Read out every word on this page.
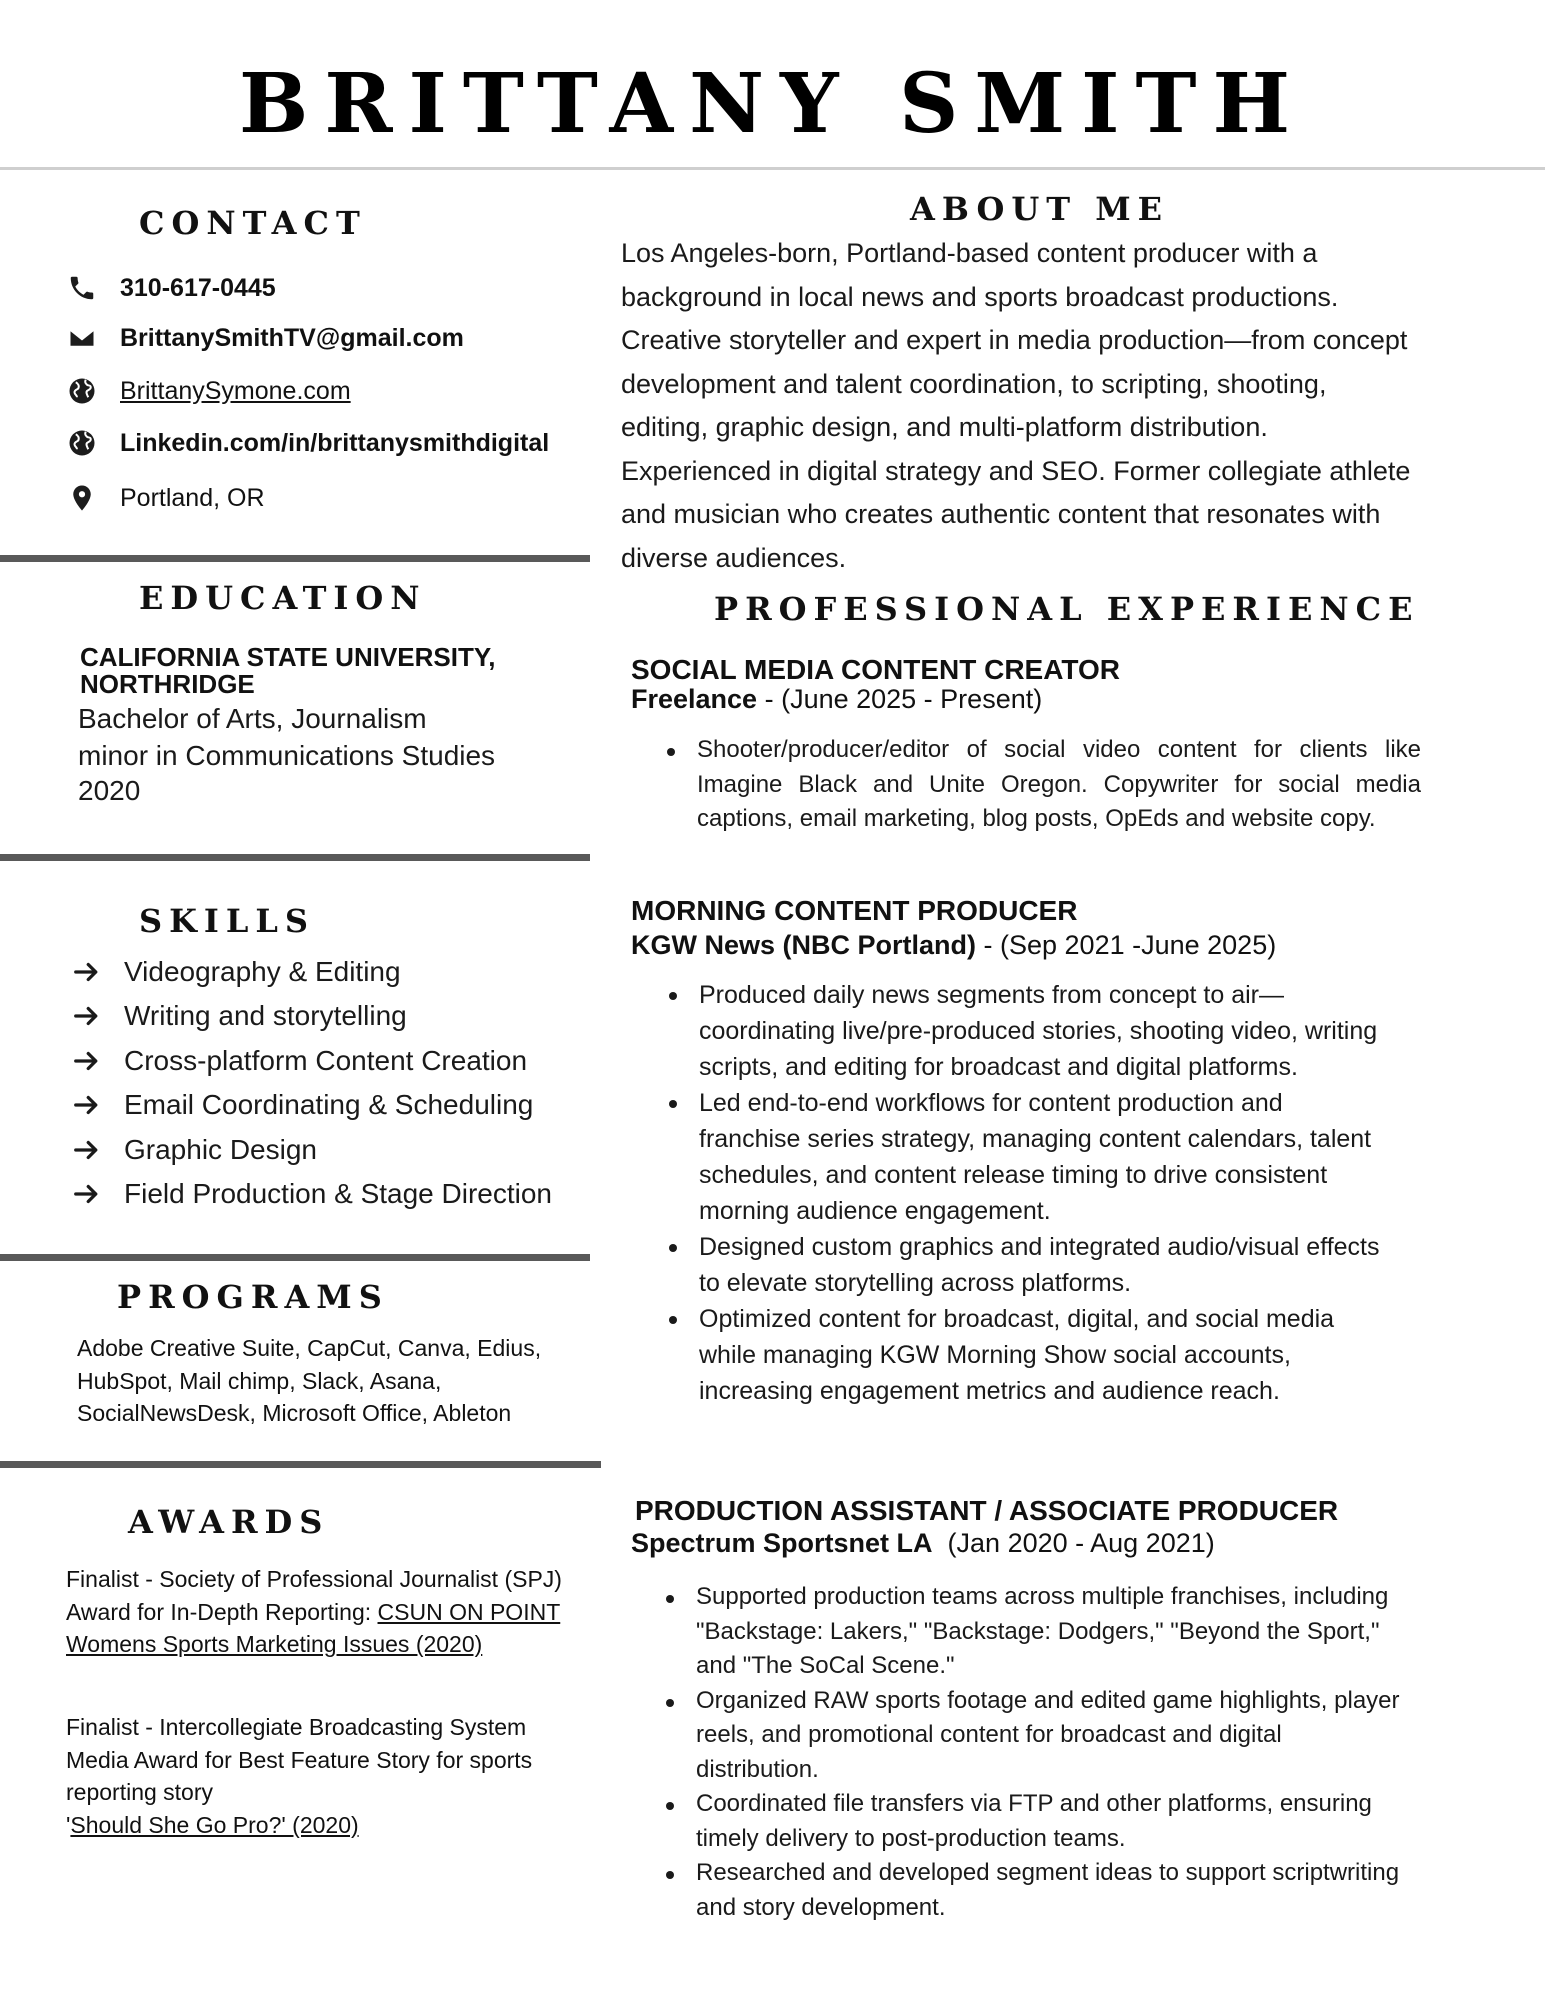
BRITTANY SMITH
CONTACT
310-617-0445
BrittanySmithTV@gmail.com
BrittanySymone.com
Linkedin.com/in/brittanysmithdigital
Portland, OR
EDUCATION
CALIFORNIA STATE UNIVERSITY, NORTHRIDGE
Bachelor of Arts, Journalism
minor in Communications Studies
2020
SKILLS
Videography & Editing
Writing and storytelling
Cross-platform Content Creation
Email Coordinating & Scheduling
Graphic Design
Field Production & Stage Direction
PROGRAMS
Adobe Creative Suite, CapCut, Canva, Edius, HubSpot, Mail chimp, Slack, Asana, SocialNewsDesk, Microsoft Office, Ableton
AWARDS
Finalist - Society of Professional Journalist (SPJ) Award for In-Depth Reporting: CSUN ON POINT Womens Sports Marketing Issues (2020)
Finalist - Intercollegiate Broadcasting System Media Award for Best Feature Story for sports reporting story
'Should She Go Pro?' (2020)
ABOUT ME
Los Angeles-born, Portland-based content producer with a background in local news and sports broadcast productions. Creative storyteller and expert in media production—from concept development and talent coordination, to scripting, shooting, editing, graphic design, and multi-platform distribution. Experienced in digital strategy and SEO. Former collegiate athlete and musician who creates authentic content that resonates with diverse audiences.
PROFESSIONAL EXPERIENCE
SOCIAL MEDIA CONTENT CREATOR
Freelance - (June 2025 - Present)
Shooter/producer/editor of social video content for clients like Imagine Black and Unite Oregon. Copywriter for social media captions, email marketing, blog posts, OpEds and website copy.
MORNING CONTENT PRODUCER
KGW News (NBC Portland) - (Sep 2021 -June 2025)
Produced daily news segments from concept to air—coordinating live/pre-produced stories, shooting video, writing scripts, and editing for broadcast and digital platforms.
Led end-to-end workflows for content production and franchise series strategy, managing content calendars, talent schedules, and content release timing to drive consistent morning audience engagement.
Designed custom graphics and integrated audio/visual effects to elevate storytelling across platforms.
Optimized content for broadcast, digital, and social media while managing KGW Morning Show social accounts, increasing engagement metrics and audience reach.
PRODUCTION ASSISTANT / ASSOCIATE PRODUCER
Spectrum Sportsnet LA  (Jan 2020 - Aug 2021)
Supported production teams across multiple franchises, including "Backstage: Lakers," "Backstage: Dodgers," "Beyond the Sport," and "The SoCal Scene."
Organized RAW sports footage and edited game highlights, player reels, and promotional content for broadcast and digital distribution.
Coordinated file transfers via FTP and other platforms, ensuring timely delivery to post-production teams.
Researched and developed segment ideas to support scriptwriting and story development.
